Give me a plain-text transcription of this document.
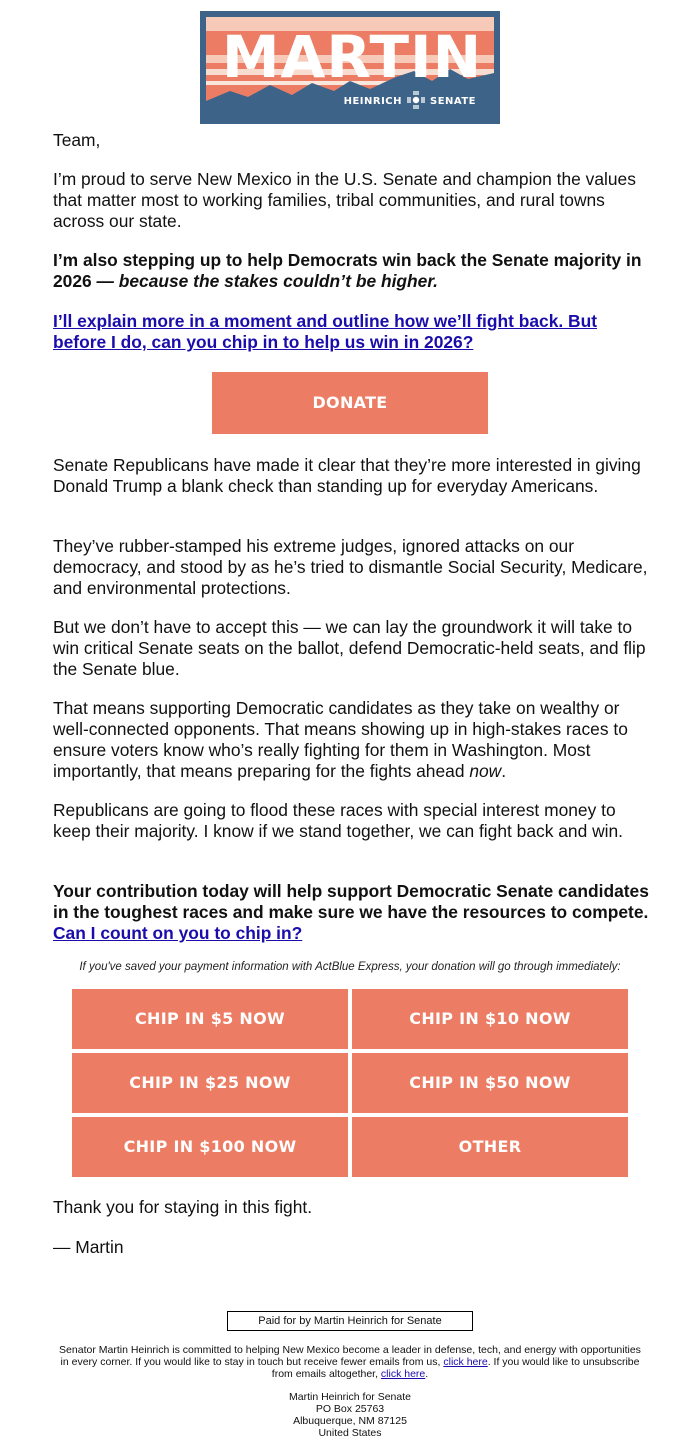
MARTIN
HEINRICH	SENATE

Team,

I’m proud to serve New Mexico in the U.S. Senate and champion the values that matter most to working families, tribal communities, and rural towns across our state.

I’m also stepping up to help Democrats win back the Senate majority in 2026 — because the stakes couldn’t be higher.

I’ll explain more in a moment and outline how we’ll fight back. But before I do, can you chip in to help us win in 2026?

DONATE

Senate Republicans have made it clear that they’re more interested in giving Donald Trump a blank check than standing up for everyday Americans.

They’ve rubber-stamped his extreme judges, ignored attacks on our democracy, and stood by as he’s tried to dismantle Social Security, Medicare, and environmental protections.

But we don’t have to accept this — we can lay the groundwork it will take to win critical Senate seats on the ballot, defend Democratic-held seats, and flip the Senate blue.

That means supporting Democratic candidates as they take on wealthy or well-connected opponents. That means showing up in high-stakes races to ensure voters know who’s really fighting for them in Washington. Most importantly, that means preparing for the fights ahead now.

Republicans are going to flood these races with special interest money to keep their majority. I know if we stand together, we can fight back and win.

Your contribution today will help support Democratic Senate candidates in the toughest races and make sure we have the resources to compete. Can I count on you to chip in?

If you've saved your payment information with ActBlue Express, your donation will go through immediately:
CHIP IN $5 NOW	CHIP IN $10 NOW
CHIP IN $25 NOW	CHIP IN $50 NOW
CHIP IN $100 NOW	OTHER

Thank you for staying in this fight.

— Martin

Paid for by Martin Heinrich for Senate
Senator Martin Heinrich is committed to helping New Mexico become a leader in defense, tech, and energy with opportunities in every corner. If you would like to stay in touch but receive fewer emails from us, click here. If you would like to unsubscribe from emails altogether, click here.
Martin Heinrich for Senate
PO Box 25763
Albuquerque, NM 87125
United States
